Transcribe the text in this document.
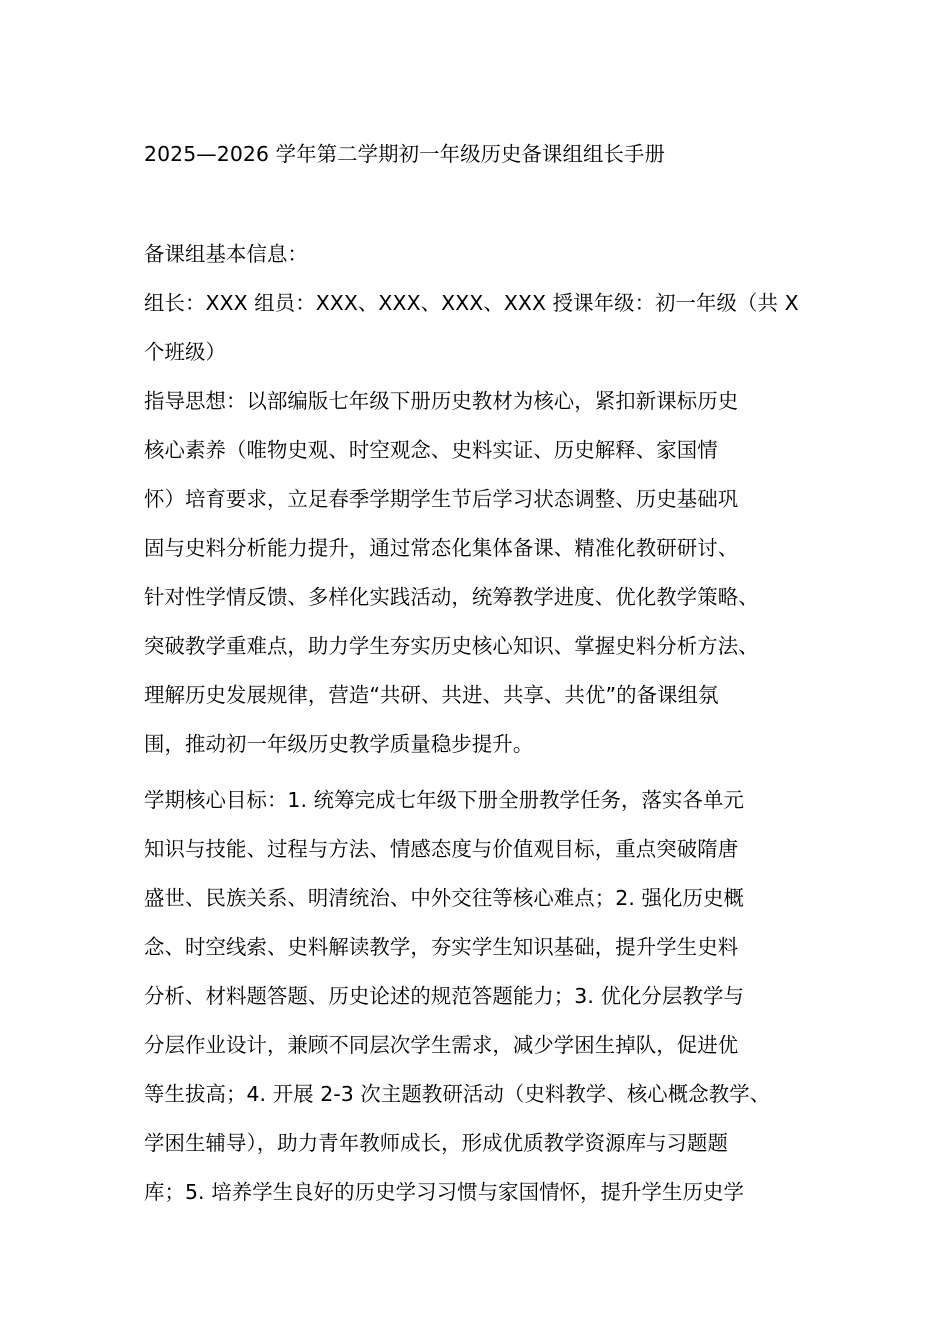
2025—2026 学年第二学期初一年级历史备课组组长手册
备课组基本信息：
组长：XXX 组员：XXX、XXX、XXX、XXX 授课年级：初一年级（共 X
个班级）
指导思想：以部编版七年级下册历史教材为核心，紧扣新课标历史
核心素养（唯物史观、时空观念、史料实证、历史解释、家国情
怀）培育要求，立足春季学期学生节后学习状态调整、历史基础巩
固与史料分析能力提升，通过常态化集体备课、精准化教研研讨、
针对性学情反馈、多样化实践活动，统筹教学进度、优化教学策略、
突破教学重难点，助力学生夯实历史核心知识、掌握史料分析方法、
理解历史发展规律，营造“共研、共进、共享、共优”的备课组氛
围，推动初一年级历史教学质量稳步提升。
学期核心目标：1. 统筹完成七年级下册全册教学任务，落实各单元
知识与技能、过程与方法、情感态度与价值观目标，重点突破隋唐
盛世、民族关系、明清统治、中外交往等核心难点；2. 强化历史概
念、时空线索、史料解读教学，夯实学生知识基础，提升学生史料
分析、材料题答题、历史论述的规范答题能力；3. 优化分层教学与
分层作业设计，兼顾不同层次学生需求，减少学困生掉队，促进优
等生拔高；4. 开展 2-3 次主题教研活动（史料教学、核心概念教学、
学困生辅导），助力青年教师成长，形成优质教学资源库与习题题
库；5. 培养学生良好的历史学习习惯与家国情怀，提升学生历史学
